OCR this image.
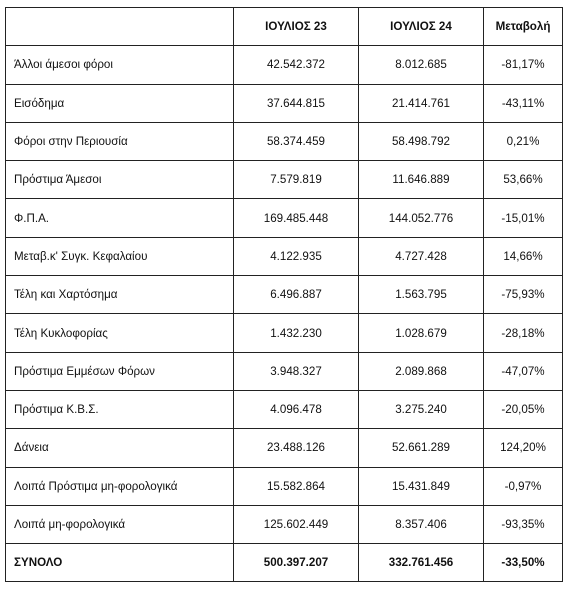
	ΙΟΥΛΙΟΣ 23	ΙΟΥΛΙΟΣ 24	Μεταβολή
Άλλοι άμεσοι φόροι	42.542.372	8.012.685	-81,17%
Εισόδημα	37.644.815	21.414.761	-43,11%
Φόροι στην Περιουσία	58.374.459	58.498.792	0,21%
Πρόστιμα Άμεσοι	7.579.819	11.646.889	53,66%
Φ.Π.Α.	169.485.448	144.052.776	-15,01%
Μεταβ.κ' Συγκ. Κεφαλαίου	4.122.935	4.727.428	14,66%
Τέλη και Χαρτόσημα	6.496.887	1.563.795	-75,93%
Τέλη Κυκλοφορίας	1.432.230	1.028.679	-28,18%
Πρόστιμα Εμμέσων Φόρων	3.948.327	2.089.868	-47,07%
Πρόστιμα Κ.Β.Σ.	4.096.478	3.275.240	-20,05%
Δάνεια	23.488.126	52.661.289	124,20%
Λοιπά Πρόστιμα μη-φορολογικά	15.582.864	15.431.849	-0,97%
Λοιπά μη-φορολογικά	125.602.449	8.357.406	-93,35%
ΣΥΝΟΛΟ	500.397.207	332.761.456	-33,50%
